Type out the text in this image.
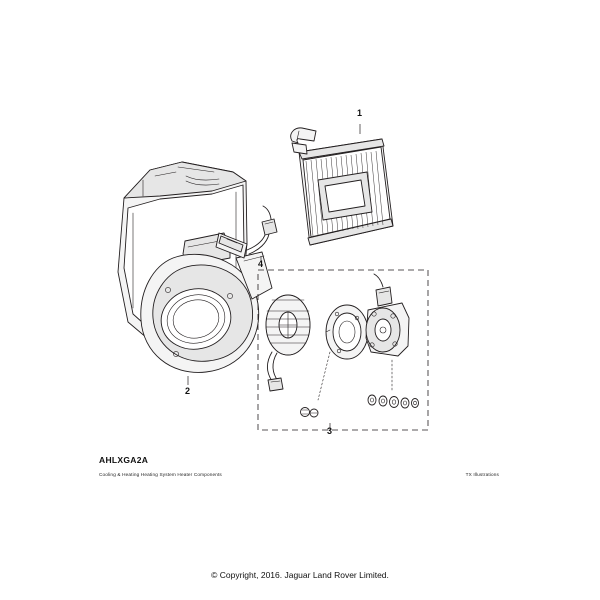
1
2
3
4
AHLXGA2A
Cooling & Heating Heating System Heater Components	TX Illustrations
© Copyright, 2016. Jaguar Land Rover Limited.
